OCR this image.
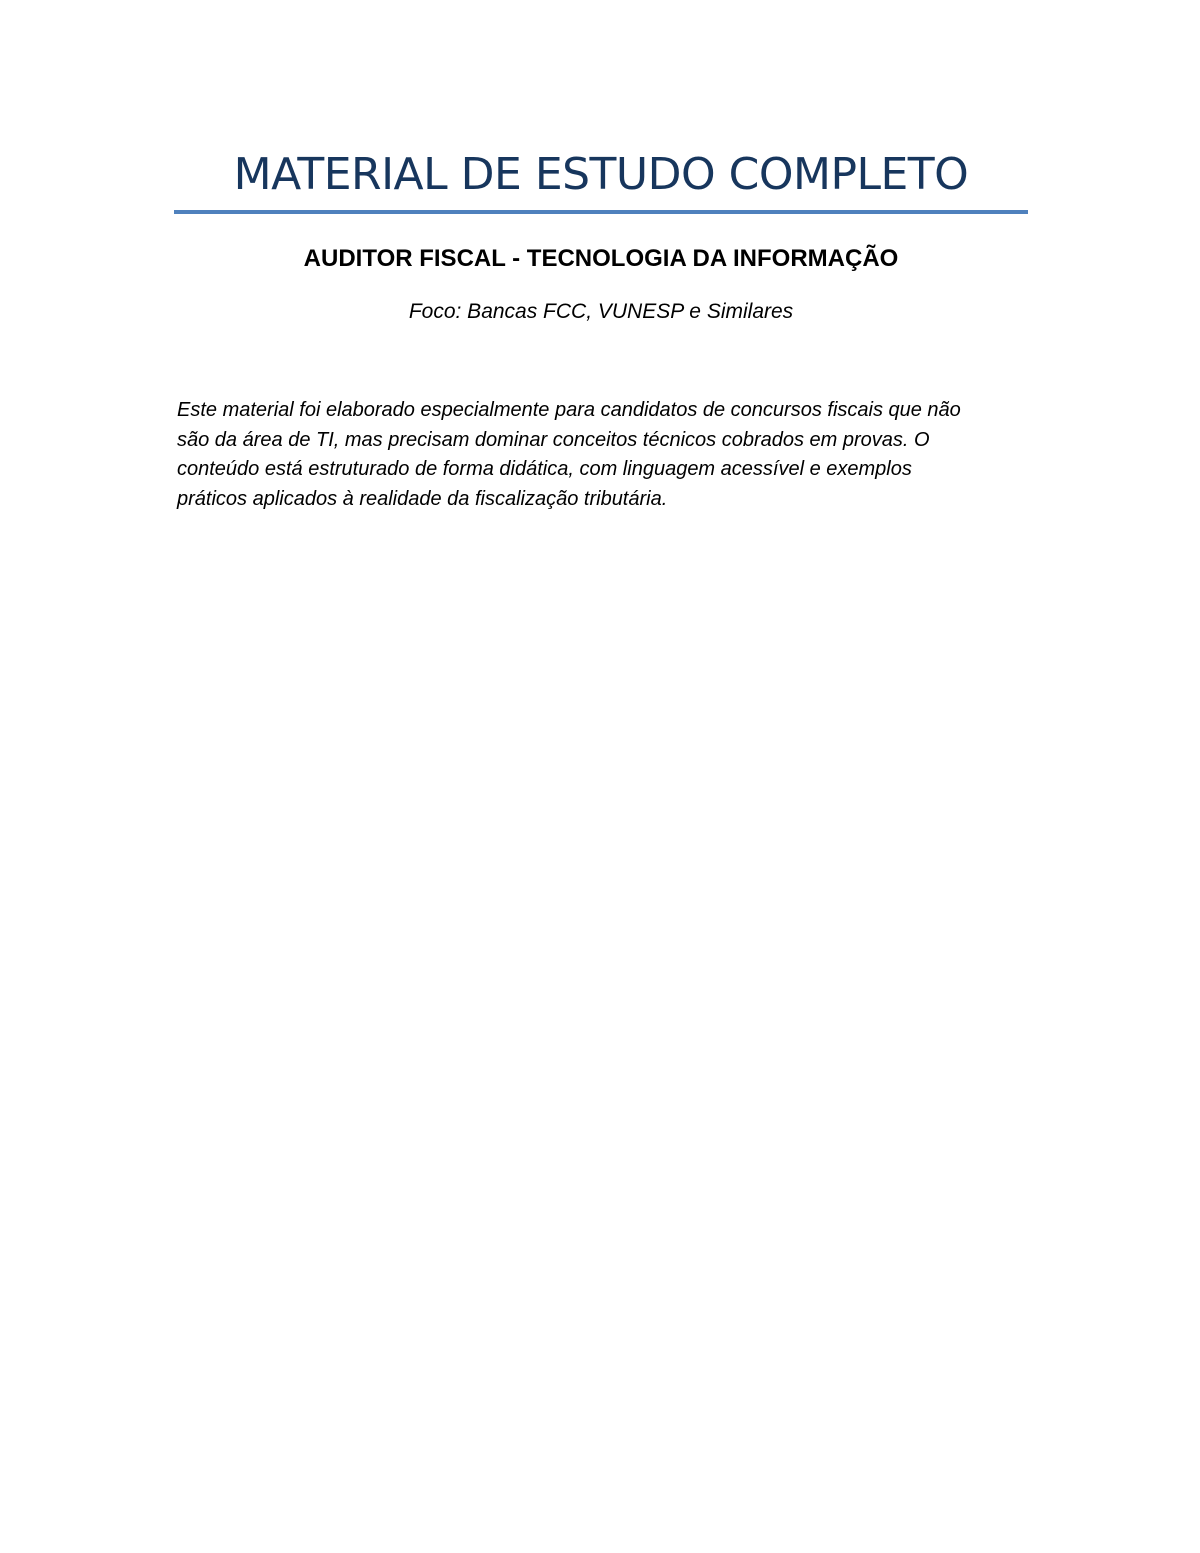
MATERIAL DE ESTUDO COMPLETO
AUDITOR FISCAL - TECNOLOGIA DA INFORMAÇÃO

Foco: Bancas FCC, VUNESP e Similares

Este material foi elaborado especialmente para candidatos de concursos fiscais que não
são da área de TI, mas precisam dominar conceitos técnicos cobrados em provas. O
conteúdo está estruturado de forma didática, com linguagem acessível e exemplos
práticos aplicados à realidade da fiscalização tributária.
